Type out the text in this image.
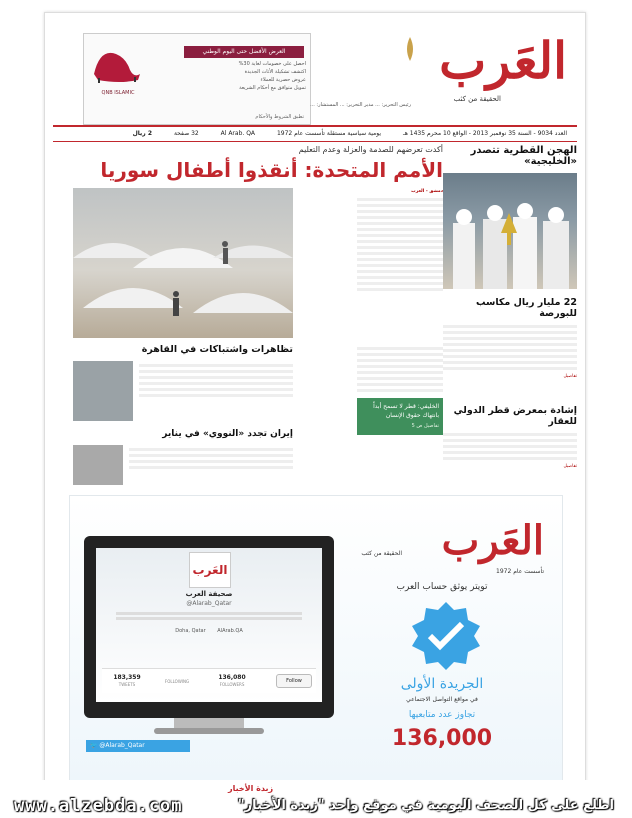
QNB ISLAMIC
العرض الأفضل حتى اليوم الوطني
احصل على خصومات لغاية 30%
اكتشف تشكيلة الأثاث الجديدة
عروض حصرية للعملاء
تمويل متوافق مع أحكام الشريعة
تطبق الشروط والأحكام
العَرب
الحقيقة من كثب
رئيس التحرير: ... مدير التحرير: ... المستشار: ...
العدد 9034 - السنة 35 نوفمبر 2013 - الواقع 10 محرم 1435 هـ يومية سياسية مستقلة تأسست عام 1972 Al Arab. QA 32 صفحة 2 ريال
الهجن القطرية تتصدر «الخليجية»
22 مليار ريال مكاسب للبورصة
تفاصيل
إشادة بمعرض قطر الدولي للعقار
تفاصيل
أكدت تعرضهم للصدمة والعزلة وعدم التعليم
الأمم المتحدة: أنقذوا أطفال سوريا
دمشق - العرب
تظاهرات واشتباكات في القاهرة
إيران تجدد «النووي» في يناير
الخليفي: قطر لا تسمح أبداً بانتهاك حقوق الإنسان
تفاصيل ص 5
العَرب
صحيفة العرب
@Alarab_Qatar
Doha, Qatar AlArab.QA
183,359
TWEETS
FOLLOWING	136,080
FOLLOWERS
Follow
🐦 @Alarab_Qatar
العَرب
الحقيقة من كثب
تأسست عام 1972
تويتر يوثق حساب العرب
الجريدة الأولى
في مواقع التواصل الاجتماعي
تجاوز عدد متابعيها
136,000
www.alzebda.com
زبدة الأخبار
اطلع على كل الصحف اليومية في موقع واحد "زبدة الأخبار"
